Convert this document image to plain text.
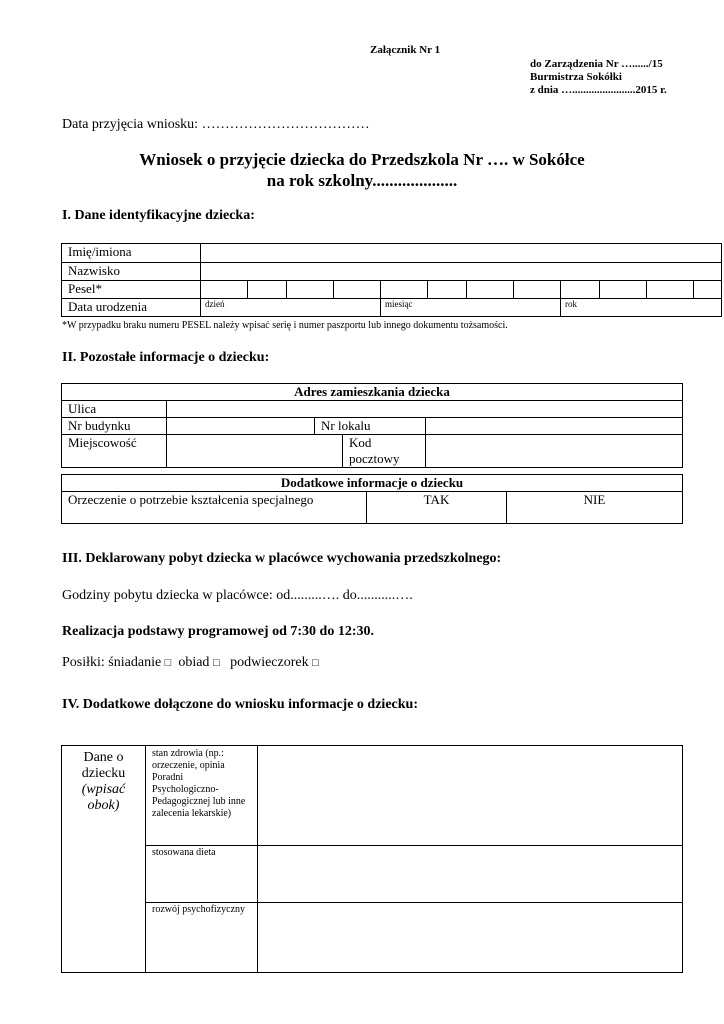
Załącznik Nr 1
do Zarządzenia Nr …....../15
Burmistrza Sokółki
z dnia ….......................2015 r.
Data przyjęcia wniosku: ………………………………
Wniosek o przyjęcie dziecka do Przedszkola Nr …. w Sokółce
na rok szkolny....................
I. Dane identyfikacyjne dziecka:
Imię/imiona												
Nazwisko												
Pesel*												
Data urodzenia	dzień				miesiąc				rok			
*W przypadku braku numeru PESEL należy wpisać serię i numer paszportu lub innego dokumentu tożsamości.
II. Pozostałe informacje o dziecku:
Adres zamieszkania dziecka				
Ulica				
Nr budynku		Nr lokalu		
Miejscowość			Kod pocztowy	
Dodatkowe informacje o dziecku
Orzeczenie o potrzebie kształcenia specjalnego	TAK	NIE
III. Deklarowany pobyt dziecka w placówce wychowania przedszkolnego:
Godziny pobytu dziecka w placówce: od.........…. do...........….
Realizacja podstawy programowej od 7:30 do 12:30.
Posiłki: śniadanie □ obiad □ podwieczorek □
IV. Dodatkowe dołączone do wniosku informacje o dziecku:
Dane o
dziecku
(wpisać
obok)	stan zdrowia (np.: orzeczenie, opinia Poradni Psychologiczno-Pedagogicznej lub inne zalecenia lekarskie)	
	stosowana dieta	
	rozwój psychofizyczny	
